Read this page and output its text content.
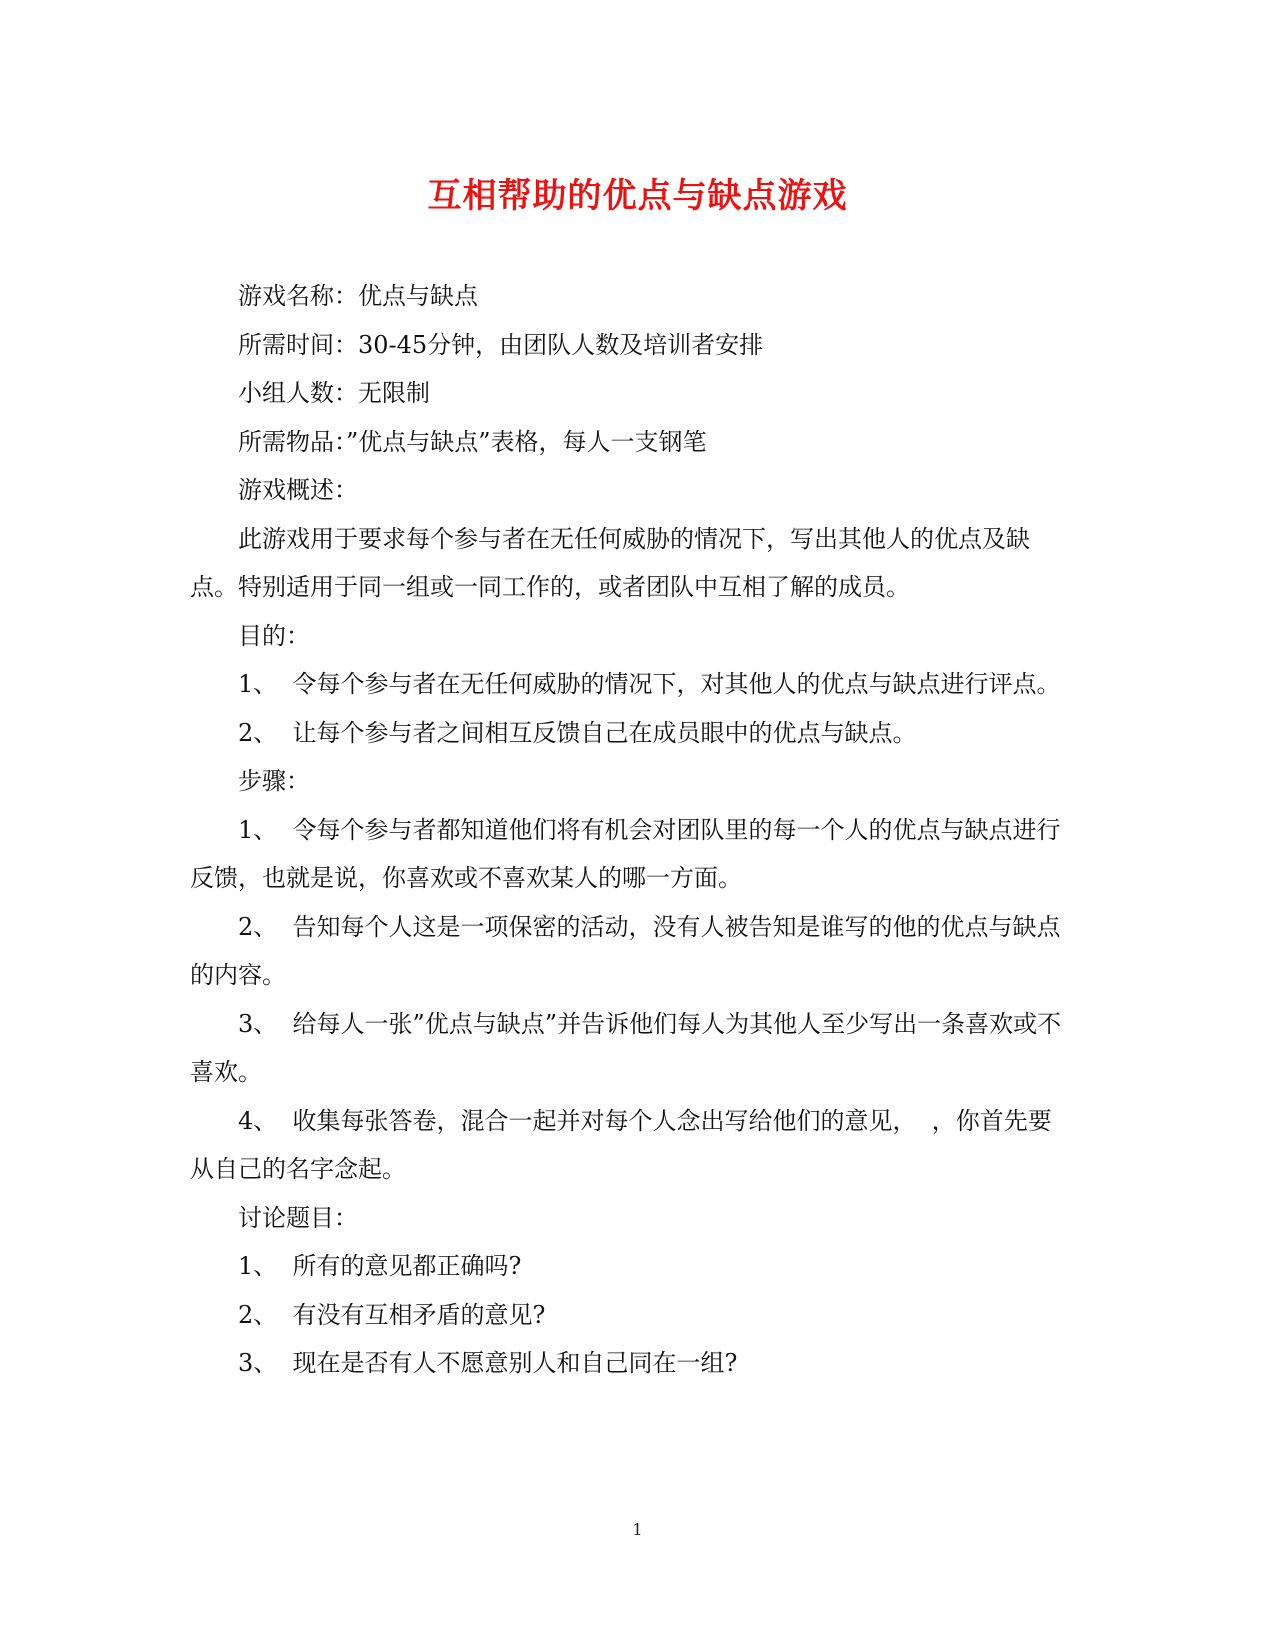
互相帮助的优点与缺点游戏

游戏名称：优点与缺点

所需时间：30-45分钟，由团队人数及培训者安排

小组人数：无限制

所需物品：”优点与缺点”表格，每人一支钢笔

游戏概述：

此游戏用于要求每个参与者在无任何威胁的情况下，写出其他人的优点及缺点。特别适用于同一组或一同工作的，或者团队中互相了解的成员。

目的：

1、  令每个参与者在无任何威胁的情况下，对其他人的优点与缺点进行评点。

2、  让每个参与者之间相互反馈自己在成员眼中的优点与缺点。

步骤：

1、  令每个参与者都知道他们将有机会对团队里的每一个人的优点与缺点进行反馈，也就是说，你喜欢或不喜欢某人的哪一方面。

2、  告知每个人这是一项保密的活动，没有人被告知是谁写的他的优点与缺点的内容。

3、  给每人一张”优点与缺点”并告诉他们每人为其他人至少写出一条喜欢或不喜欢。

4、  收集每张答卷，混合一起并对每个人念出写给他们的意见，  ，你首先要从自己的名字念起。

讨论题目：

1、  所有的意见都正确吗?

2、  有没有互相矛盾的意见?

3、  现在是否有人不愿意别人和自己同在一组?

1
